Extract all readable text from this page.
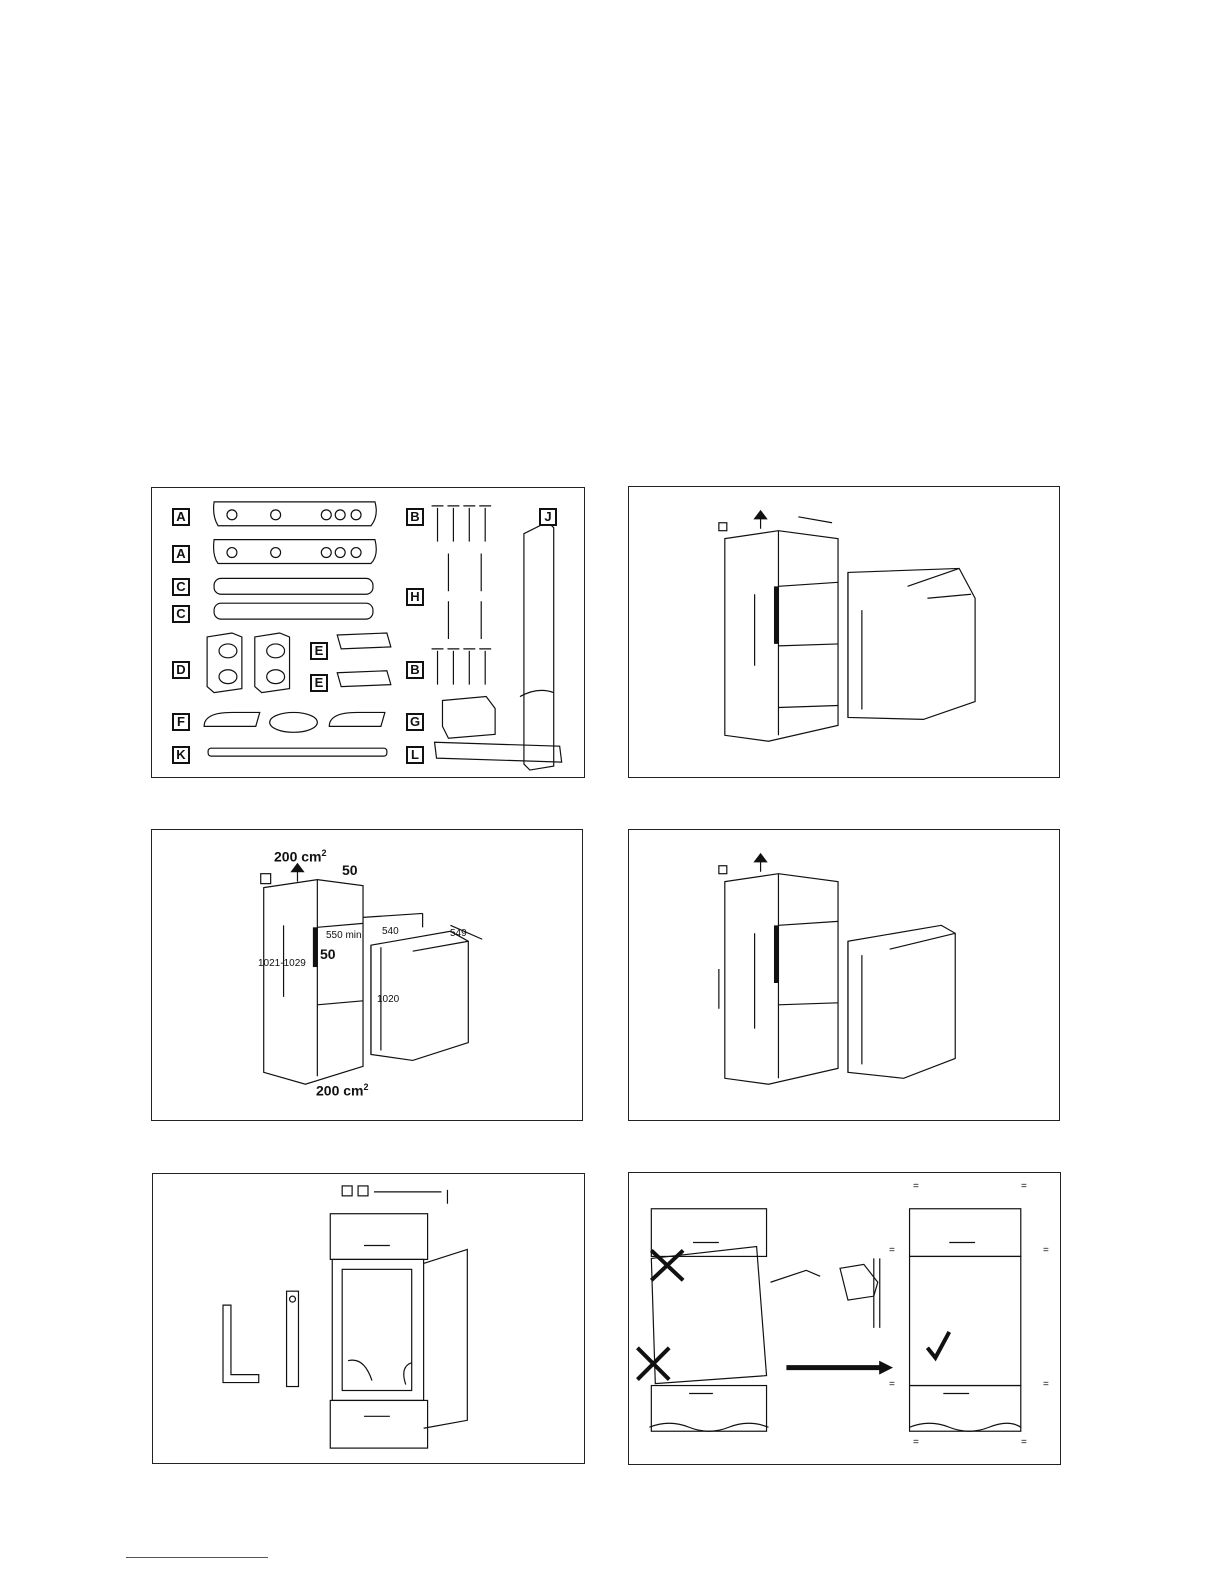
A
A
C
C
D
F
K
E
E
B
H
B
G
L
J
200 $cm^2$
50
550 min.
50
1021-1029
540	549
1020
200 $cm^2$
=	=
=	=
=	=
=	=
